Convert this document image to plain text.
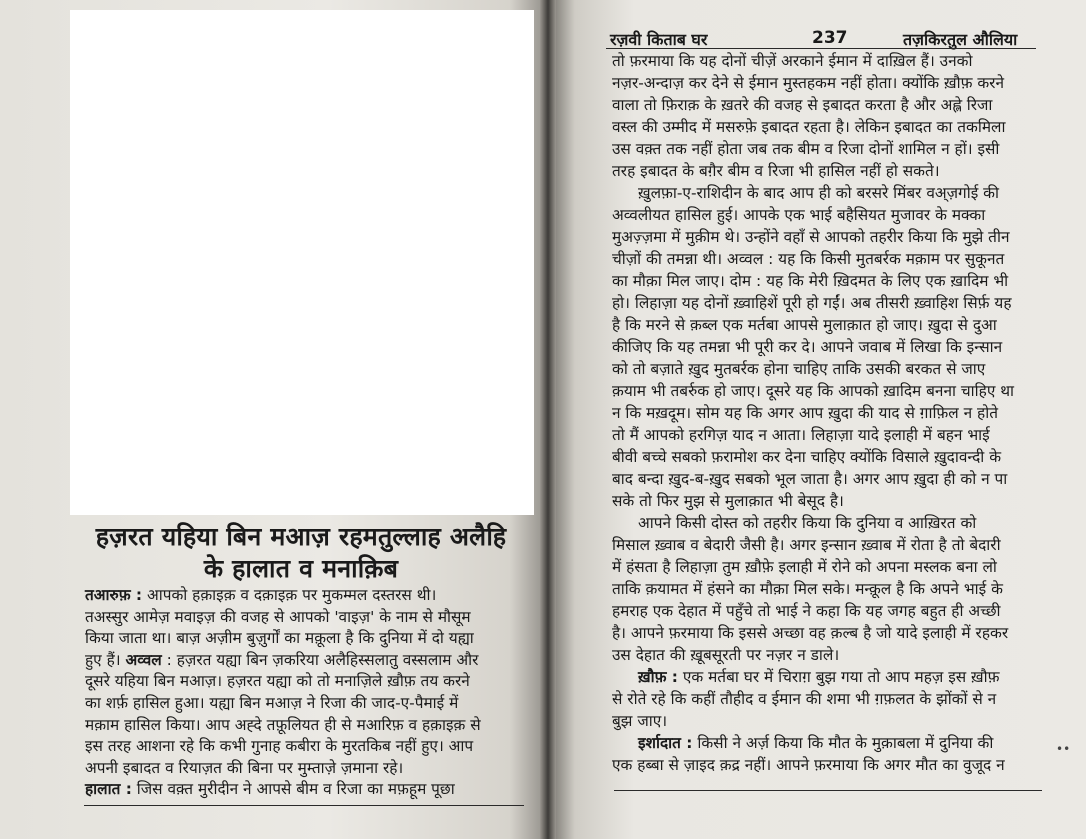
हज़रत यहिया बिन मआज़ रहमतुल्लाह अलैहि
के हालात व मनाक़िब
तआरुफ़ : आपको हक़ाइक़ व दक़ाइक़ पर मुकम्मल दस्तरस थी।
तअस्सुर आमेज़ मवाइज़ की वजह से आपको 'वाइज़' के नाम से मौसूम
किया जाता था। बाज़ अज़ीम बुज़ुर्गों का मक़ूला है कि दुनिया में दो यह्या
हुए हैं। अव्वल : हज़रत यह्या बिन ज़करिया अलैहिस्सलातु वस्सलाम और
दूसरे यहिया बिन मआज़। हज़रत यह्या को तो मनाज़िले ख़ौफ़ तय करने
का शर्फ़ हासिल हुआ। यह्या बिन मआज़ ने रिजा की जाद-ए-पैमाई में
मक़ाम हासिल किया। आप अह्दे तफ़ूलियत ही से मआरिफ़ व हक़ाइक़ से
इस तरह आशना रहे कि कभी गुनाह कबीरा के मुरतकिब नहीं हुए। आप
अपनी इबादत व रियाज़त की बिना पर मुम्ताज़े ज़माना रहे।
हालात : जिस वक़्त मुरीदीन ने आपसे बीम व रिजा का मफ़हूम पूछा
रज़वी किताब घर	237	तज़किरतुल औलिया
तो फ़रमाया कि यह दोनों चीज़ें अरकाने ईमान में दाख़िल हैं। उनको
नज़र-अन्दाज़ कर देने से ईमान मुस्तहकम नहीं होता। क्योंकि ख़ौफ़ करने
वाला तो फ़िराक़ के ख़तरे की वजह से इबादत करता है और अह्ले रिजा
वस्ल की उम्मीद में मसरुफ़े इबादत रहता है। लेकिन इबादत का तकमिला
उस वक़्त तक नहीं होता जब तक बीम व रिजा दोनों शामिल न हों। इसी
तरह इबादत के बग़ैर बीम व रिजा भी हासिल नहीं हो सकते।
ख़ुलफ़ा-ए-राशिदीन के बाद आप ही को बरसरे मिंबर वअ्ज़गोई की
अव्वलीयत हासिल हुई। आपके एक भाई बहैसियत मुजावर के मक्का
मुअज़्ज़मा में मुक़ीम थे। उन्होंने वहाँ से आपको तहरीर किया कि मुझे तीन
चीज़ों की तमन्ना थी। अव्वल : यह कि किसी मुतबर्रक मक़ाम पर सुकूनत
का मौक़ा मिल जाए। दोम : यह कि मेरी ख़िदमत के लिए एक ख़ादिम भी
हो। लिहाज़ा यह दोनों ख़्वाहिशें पूरी हो गईं। अब तीसरी ख़्वाहिश सिर्फ़ यह
है कि मरने से क़ब्ल एक मर्तबा आपसे मुलाक़ात हो जाए। ख़ुदा से दुआ
कीजिए कि यह तमन्ना भी पूरी कर दे। आपने जवाब में लिखा कि इन्सान
को तो बज़ाते ख़ुद मुतबर्रक होना चाहिए ताकि उसकी बरकत से जाए
क़याम भी तबर्रुक हो जाए। दूसरे यह कि आपको ख़ादिम बनना चाहिए था
न कि मख़दूम। सोम यह कि अगर आप ख़ुदा की याद से ग़ाफ़िल न होते
तो मैं आपको हरगिज़ याद न आता। लिहाज़ा यादे इलाही में बहन भाई
बीवी बच्चे सबको फ़रामोश कर देना चाहिए क्योंकि विसाले ख़ुदावन्दी के
बाद बन्दा ख़ुद-ब-ख़ुद सबको भूल जाता है। अगर आप ख़ुदा ही को न पा
सके तो फिर मुझ से मुलाक़ात भी बेसूद है।
आपने किसी दोस्त को तहरीर किया कि दुनिया व आख़िरत को
मिसाल ख़्वाब व बेदारी जैसी है। अगर इन्सान ख़्वाब में रोता है तो बेदारी
में हंसता है लिहाज़ा तुम ख़ौफ़े इलाही में रोने को अपना मस्लक बना लो
ताकि क़यामत में हंसने का मौक़ा मिल सके। मन्क़ूल है कि अपने भाई के
हमराह एक देहात में पहुँचे तो भाई ने कहा कि यह जगह बहुत ही अच्छी
है। आपने फ़रमाया कि इससे अच्छा वह क़ल्ब है जो यादे इलाही में रहकर
उस देहात की ख़ूबसूरती पर नज़र न डाले।
ख़ौफ़ : एक मर्तबा घर में चिराग़ बुझ गया तो आप महज़ इस ख़ौफ़
से रोते रहे कि कहीं तौहीद व ईमान की शमा भी ग़फ़लत के झोंकों से न
बुझ जाए।
इर्शादात : किसी ने अर्ज़ किया कि मौत के मुक़ाबला में दुनिया की
एक हब्बा से ज़ाइद क़द्र नहीं। आपने फ़रमाया कि अगर मौत का वुजूद न
••
